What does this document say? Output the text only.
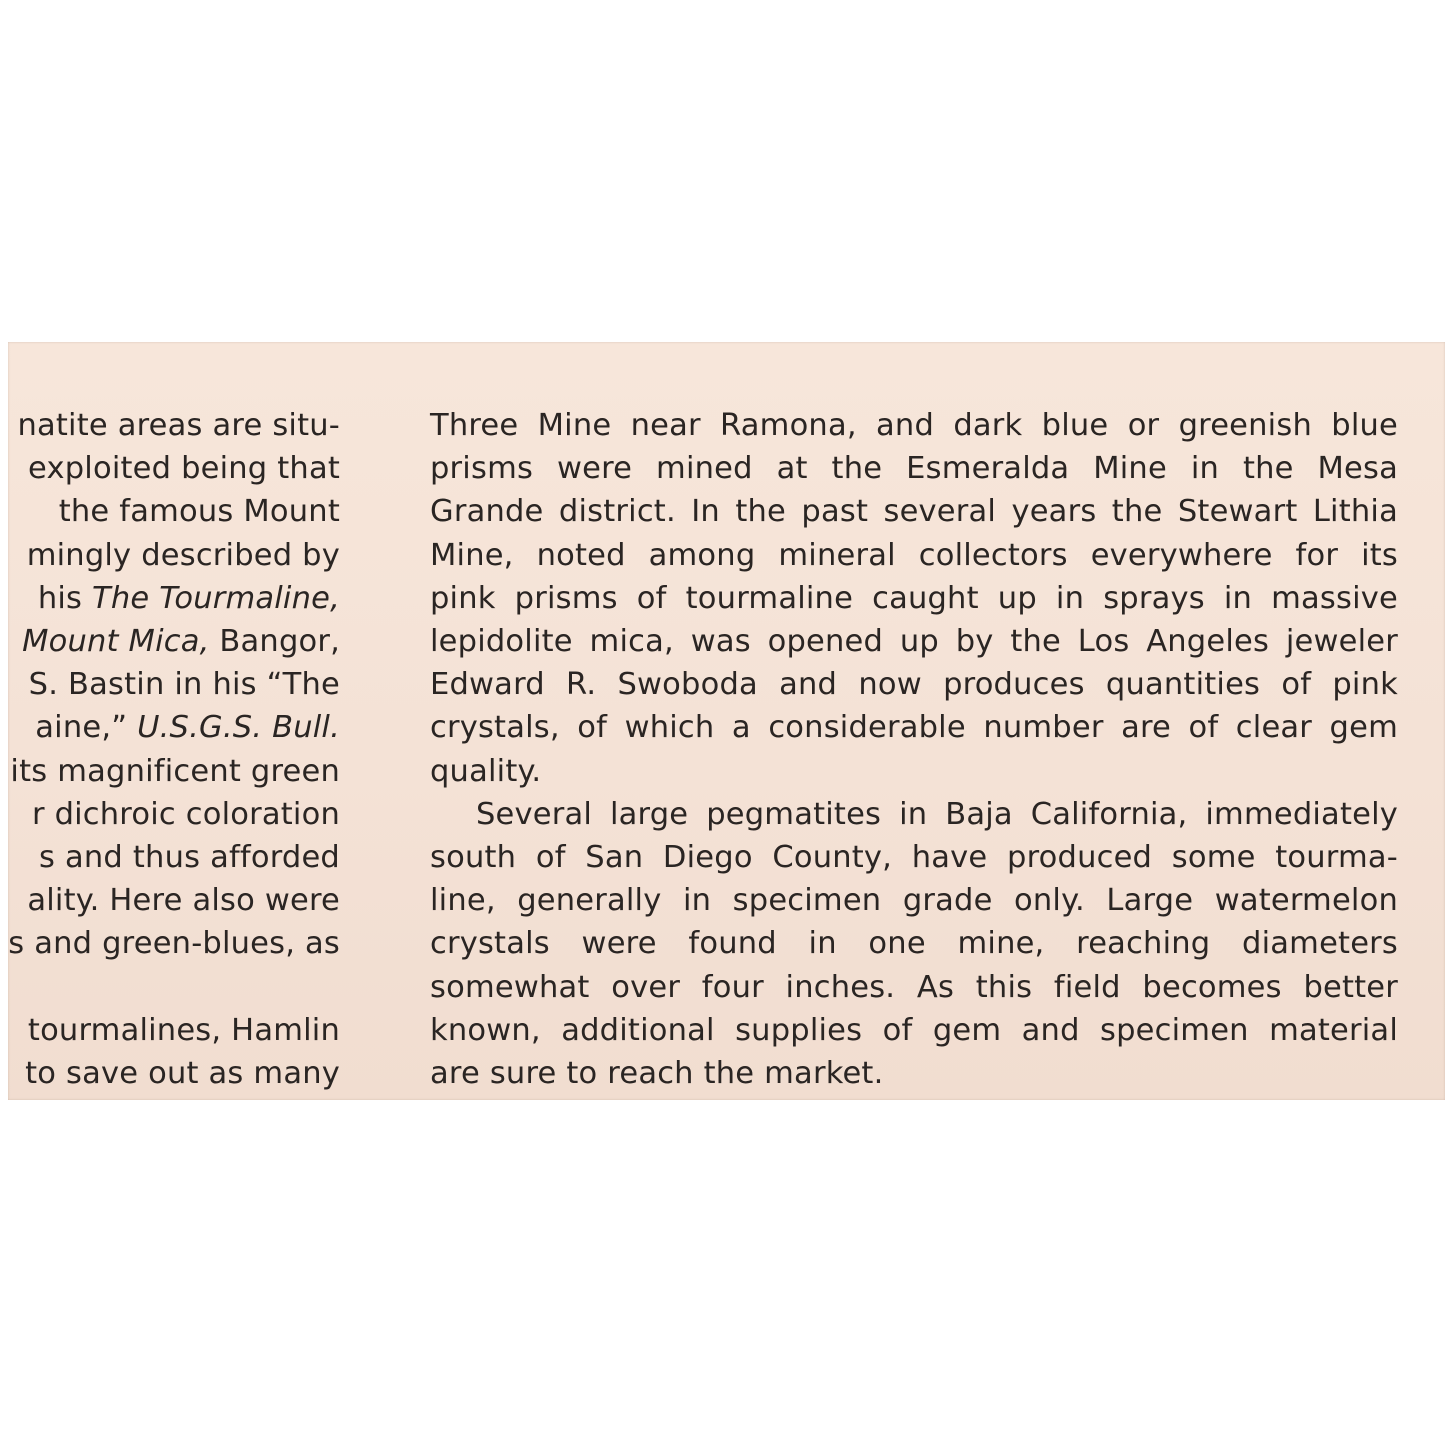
natite areas are situ-
exploited being that
the famous Mount
mingly described by
his The Tourmaline,
Mount Mica, Bangor,
S. Bastin in his “The
aine,” U.S.G.S. Bull.
its magnificent green
r dichroic coloration
s and thus afforded
ality. Here also were
s and green-blues, as
tourmalines, Hamlin
to save out as many
Three Mine near Ramona, and dark blue or greenish blue
prisms were mined at the Esmeralda Mine in the Mesa
Grande district. In the past several years the Stewart Lithia
Mine, noted among mineral collectors everywhere for its
pink prisms of tourmaline caught up in sprays in massive
lepidolite mica, was opened up by the Los Angeles jeweler
Edward R. Swoboda and now produces quantities of pink
crystals, of which a considerable number are of clear gem
quality.
Several large pegmatites in Baja California, immediately
south of San Diego County, have produced some tourma-
line, generally in specimen grade only. Large watermelon
crystals were found in one mine, reaching diameters
somewhat over four inches. As this field becomes better
known, additional supplies of gem and specimen material
are sure to reach the market.
